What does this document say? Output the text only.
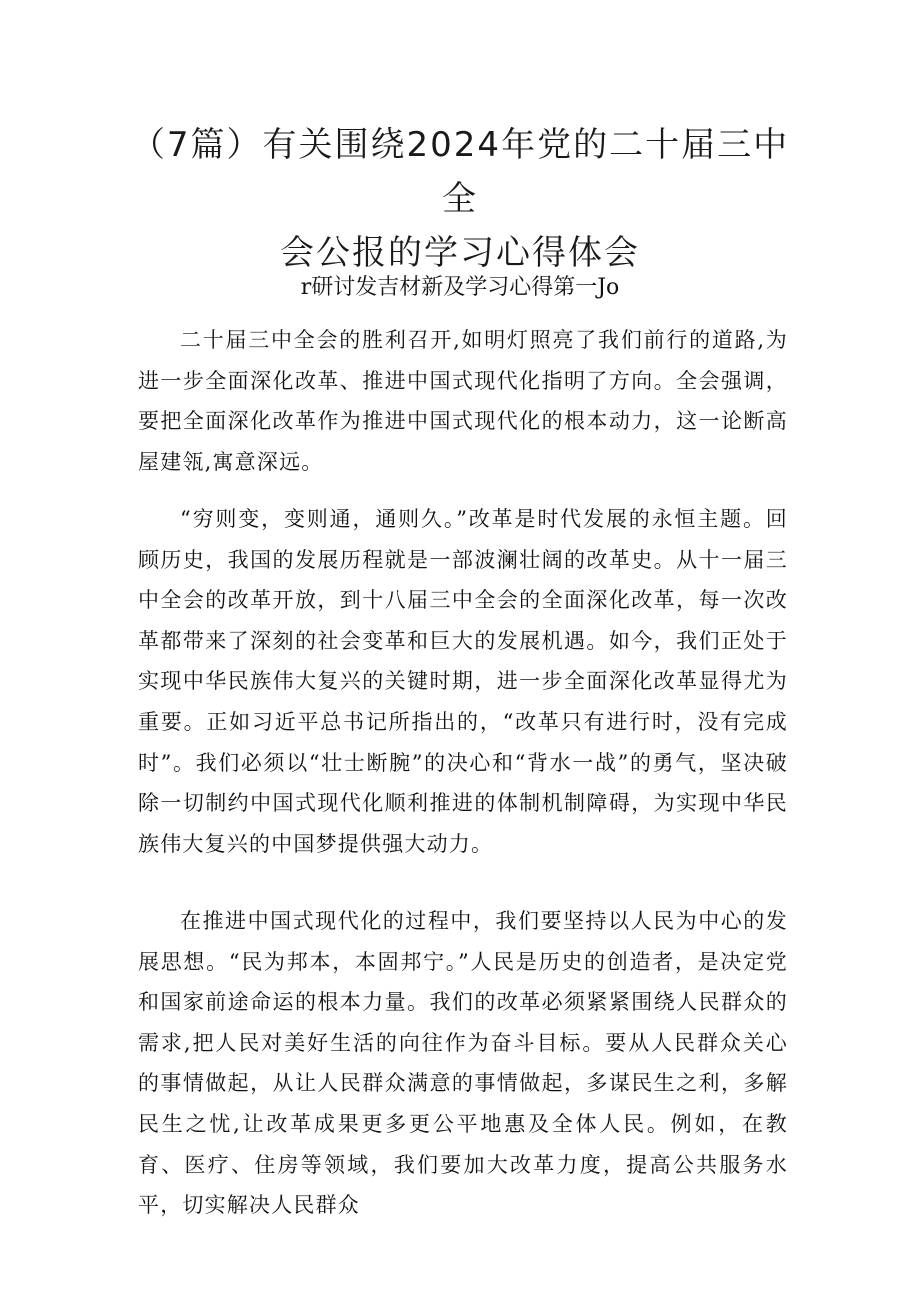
（7篇）有关围绕2024年党的二十届三中全
会公报的学习心得体会
r研讨发吉材新及学习心得第一Jo

二十届三中全会的胜利召开,如明灯照亮了我们前行的道路,为进一步全面深化改革、推进中国式现代化指明了方向。全会强调，要把全面深化改革作为推进中国式现代化的根本动力，这一论断高屋建瓴,寓意深远。

“穷则变，变则通，通则久。”改革是时代发展的永恒主题。回顾历史，我国的发展历程就是一部波澜壮阔的改革史。从十一届三中全会的改革开放，到十八届三中全会的全面深化改革，每一次改革都带来了深刻的社会变革和巨大的发展机遇。如今，我们正处于实现中华民族伟大复兴的关键时期，进一步全面深化改革显得尤为重要。正如习近平总书记所指出的，“改革只有进行时，没有完成时”。我们必须以“壮士断腕”的决心和“背水一战”的勇气，坚决破除一切制约中国式现代化顺利推进的体制机制障碍，为实现中华民族伟大复兴的中国梦提供强大动力。

在推进中国式现代化的过程中，我们要坚持以人民为中心的发展思想。“民为邦本，本固邦宁。”人民是历史的创造者，是决定党和国家前途命运的根本力量。我们的改革必须紧紧围绕人民群众的需求,把人民对美好生活的向往作为奋斗目标。要从人民群众关心的事情做起，从让人民群众满意的事情做起，多谋民生之利，多解民生之忧,让改革成果更多更公平地惠及全体人民。例如，在教育、医疗、住房等领域，我们要加大改革力度，提高公共服务水平，切实解决人民群众
